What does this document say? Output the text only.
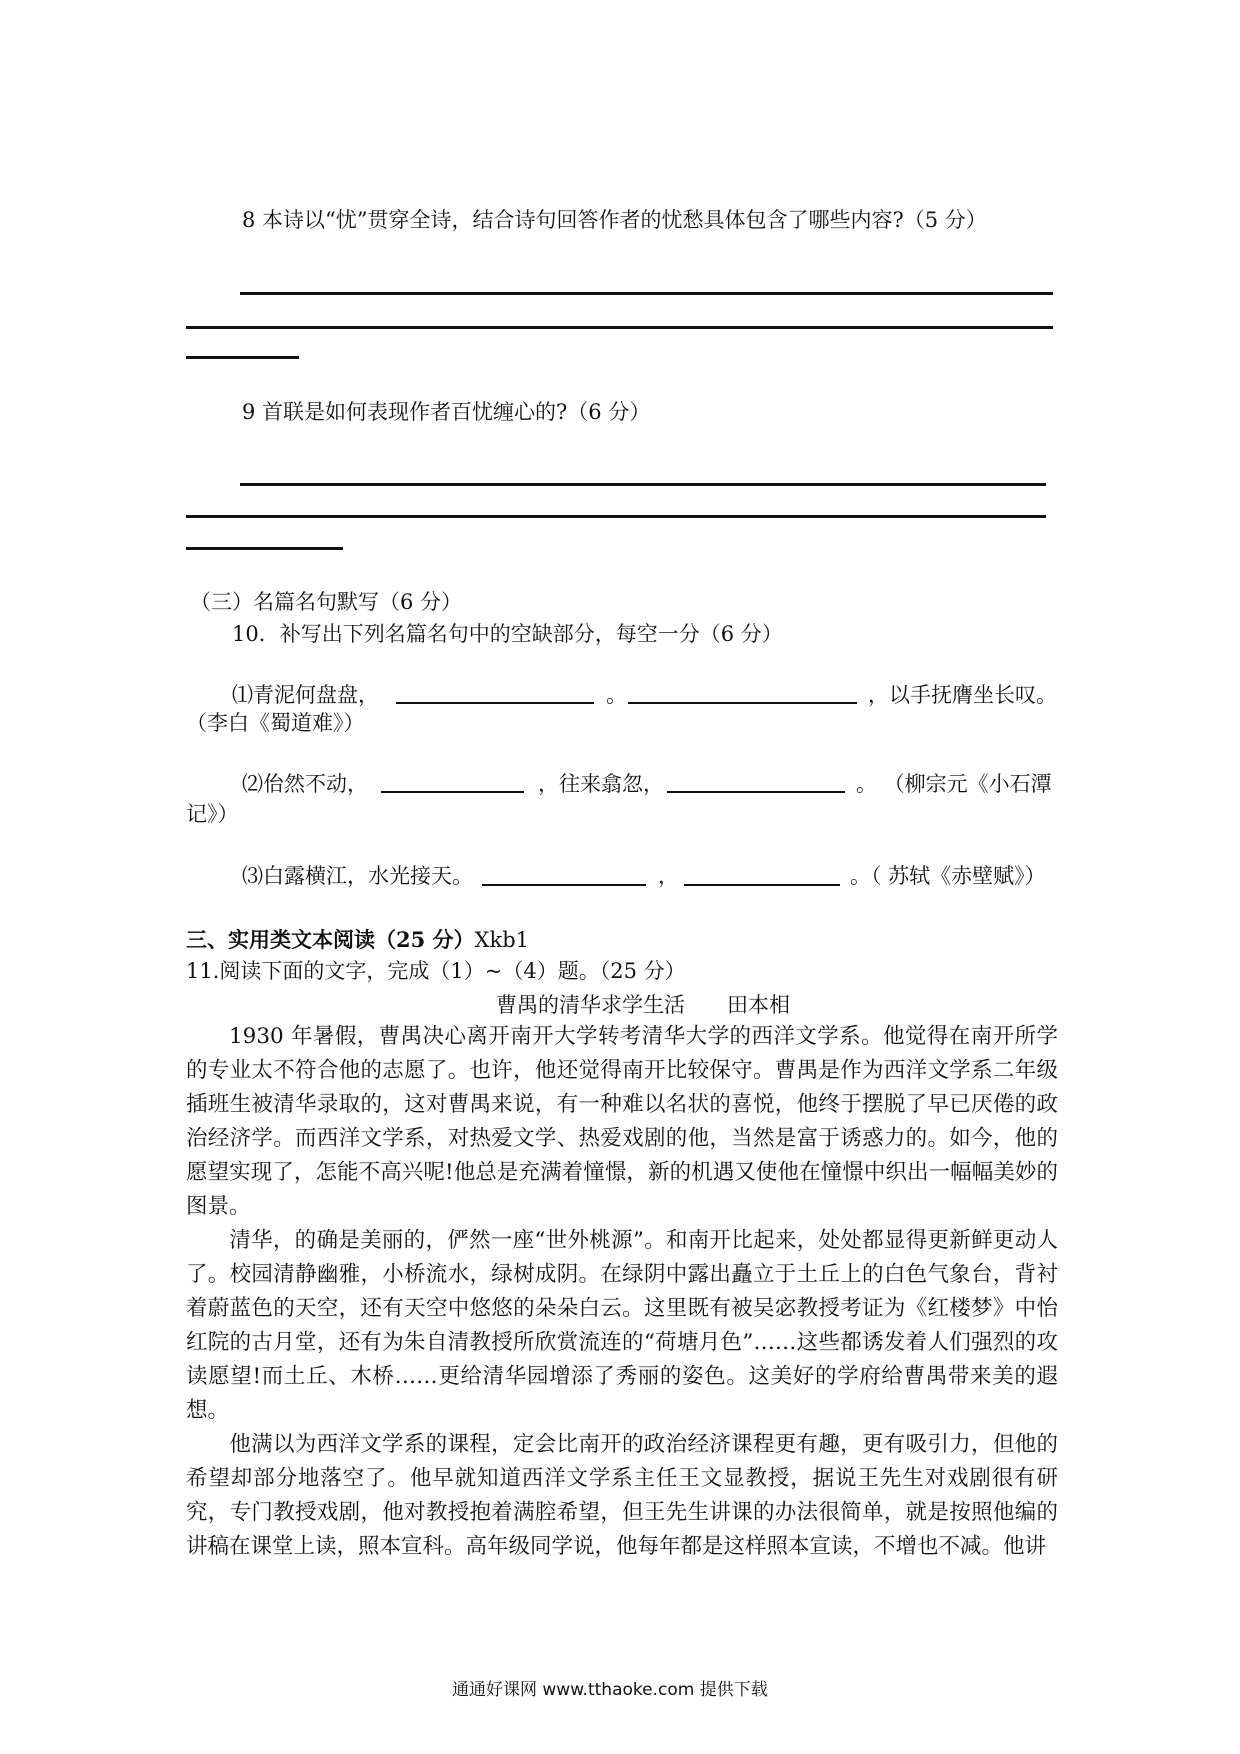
8 本诗以“忧”贯穿全诗，结合诗句回答作者的忧愁具体包含了哪些内容?（5 分）
9 首联是如何表现作者百忧缠心的?（6 分）
（三）名篇名句默写（6 分）
10．补写出下列名篇名句中的空缺部分，每空一分（6 分）
⑴青泥何盘盘，	。	，以手抚膺坐长叹。
（李白《蜀道难》）
⑵佁然不动，	，往来翕忽，	。 （柳宗元《小石潭
记》）
⑶白露横江，水光接天。	，	。（ 苏轼《赤壁赋》）
三、实用类文本阅读（25 分）Xkb1
11.阅读下面的文字，完成（1）~（4）题。（25 分）
曹禺的清华求学生活　　田本相

1930 年暑假，曹禺决心离开南开大学转考清华大学的西洋文学系。他觉得在南开所学的专业太不符合他的志愿了。也许，他还觉得南开比较保守。曹禺是作为西洋文学系二年级插班生被清华录取的，这对曹禺来说，有一种难以名状的喜悦，他终于摆脱了早已厌倦的政治经济学。而西洋文学系，对热爱文学、热爱戏剧的他，当然是富于诱惑力的。如今，他的愿望实现了，怎能不高兴呢!他总是充满着憧憬，新的机遇又使他在憧憬中织出一幅幅美妙的图景。

清华，的确是美丽的，俨然一座“世外桃源”。和南开比起来，处处都显得更新鲜更动人了。校园清静幽雅，小桥流水，绿树成阴。在绿阴中露出矗立于土丘上的白色气象台，背衬着蔚蓝色的天空，还有天空中悠悠的朵朵白云。这里既有被吴宓教授考证为《红楼梦》中怡红院的古月堂，还有为朱自清教授所欣赏流连的“荷塘月色”……这些都诱发着人们强烈的攻读愿望!而土丘、木桥……更给清华园增添了秀丽的姿色。这美好的学府给曹禺带来美的遐想。

他满以为西洋文学系的课程，定会比南开的政治经济课程更有趣，更有吸引力，但他的希望却部分地落空了。他早就知道西洋文学系主任王文显教授，据说王先生对戏剧很有研究，专门教授戏剧，他对教授抱着满腔希望，但王先生讲课的办法很简单，就是按照他编的讲稿在课堂上读，照本宣科。高年级同学说，他每年都是这样照本宣读，不增也不减。他讲

通通好课网 www.tthaoke.com 提供下载
